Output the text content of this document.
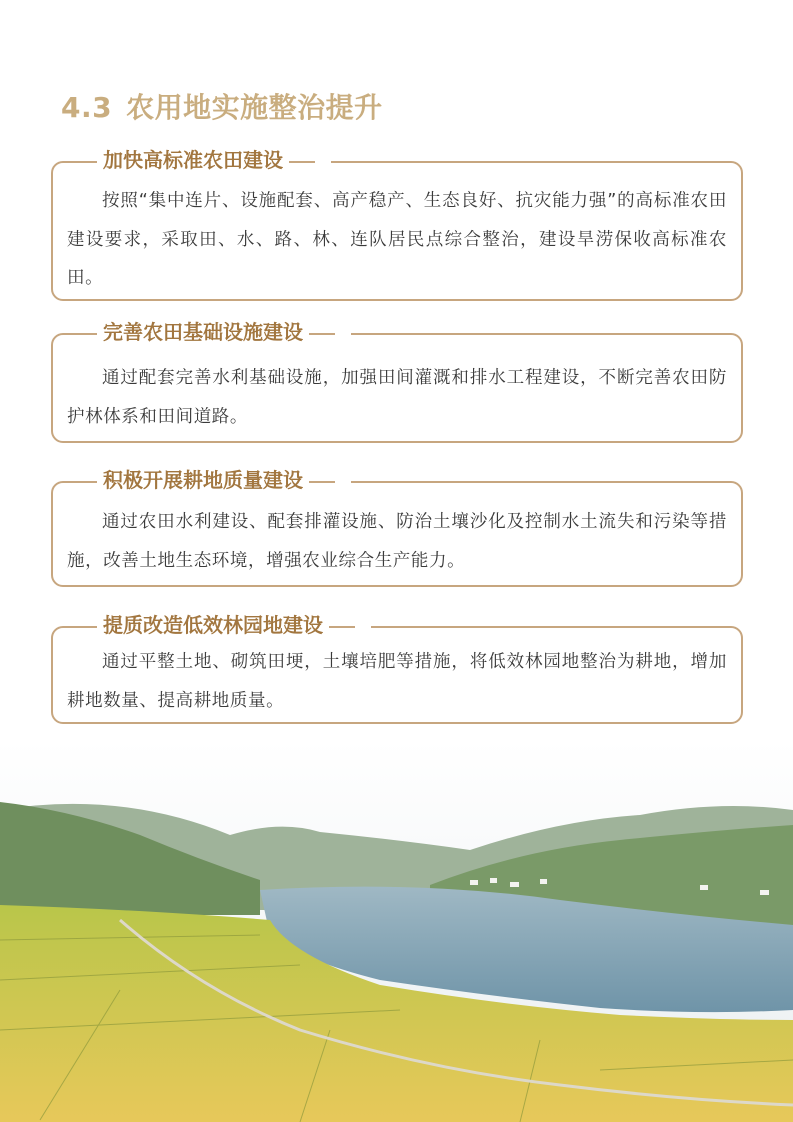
4.3 农用地实施整治提升
加快高标准农田建设
按照“集中连片、设施配套、高产稳产、生态良好、抗灾能力强”的高标准农田建设要求，采取田、水、路、林、连队居民点综合整治，建设旱涝保收高标准农田。
完善农田基础设施建设
通过配套完善水利基础设施，加强田间灌溉和排水工程建设，不断完善农田防护林体系和田间道路。
积极开展耕地质量建设
通过农田水利建设、配套排灌设施、防治土壤沙化及控制水土流失和污染等措施，改善土地生态环境，增强农业综合生产能力。
提质改造低效林园地建设
通过平整土地、砌筑田埂，土壤培肥等措施，将低效林园地整治为耕地，增加耕地数量、提高耕地质量。
